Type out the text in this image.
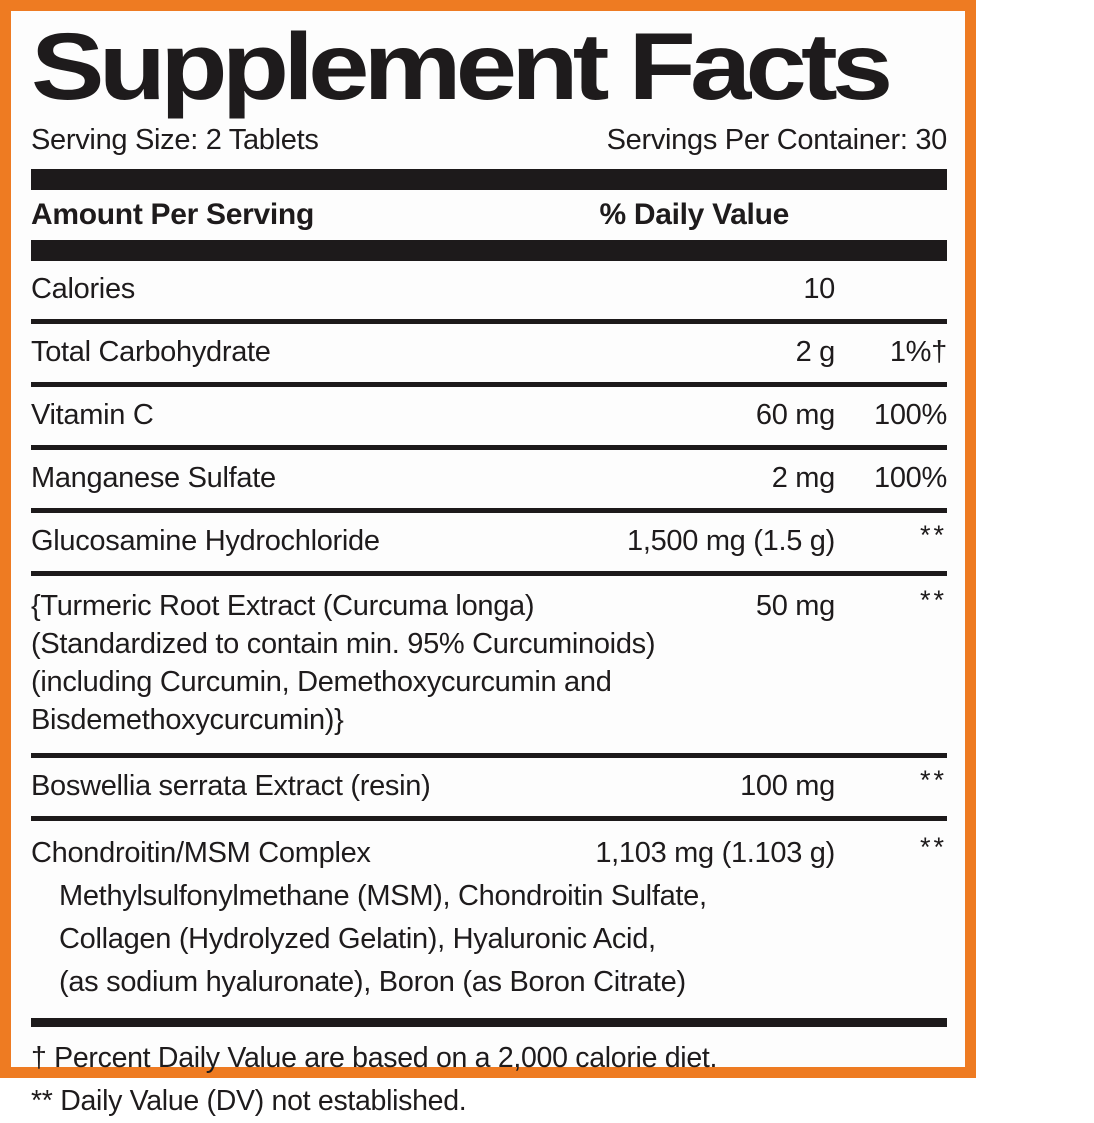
Supplement Facts
Serving Size: 2 Tablets	Servings Per Container: 30
Amount Per Serving	% Daily Value
Calories	10
Total Carbohydrate	2 g	1%†
Vitamin C	60 mg	100%
Manganese Sulfate	2 mg	100%
Glucosamine Hydrochloride	1,500 mg (1.5 g)	**
{Turmeric Root Extract (Curcuma longa)	50 mg	**
(Standardized to contain min. 95% Curcuminoids)
(including Curcumin, Demethoxycurcumin and
Bisdemethoxycurcumin)}
Boswellia serrata Extract (resin)	100 mg	**
Chondroitin/MSM Complex	1,103 mg (1.103 g)	**
Methylsulfonylmethane (MSM), Chondroitin Sulfate,
Collagen (Hydrolyzed Gelatin), Hyaluronic Acid,
(as sodium hyaluronate), Boron (as Boron Citrate)
† Percent Daily Value are based on a 2,000 calorie diet.
** Daily Value (DV) not established.
